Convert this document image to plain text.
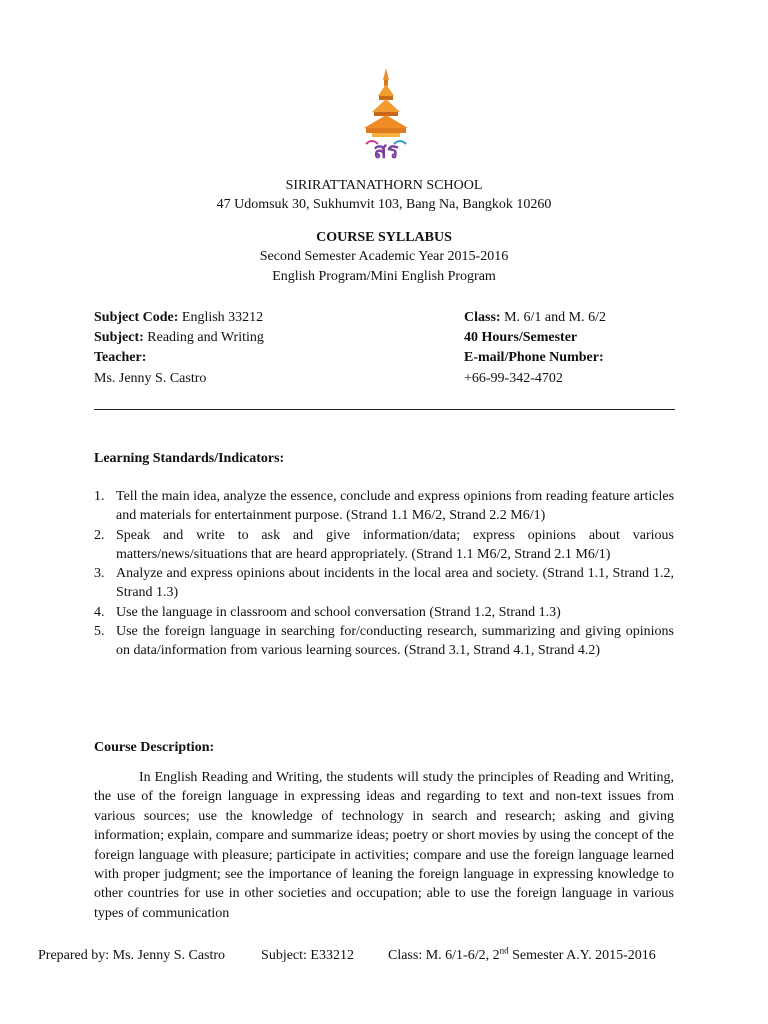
สร
SIRIRATTANATHORN SCHOOL
47 Udomsuk 30, Sukhumvit 103, Bang Na, Bangkok 10260
COURSE SYLLABUS
Second Semester Academic Year 2015-2016
English Program/Mini English Program
Subject Code: English 33212
Subject: Reading and Writing
Teacher:
Ms. Jenny S. Castro
Class: M. 6/1 and M. 6/2
40 Hours/Semester
E-mail/Phone Number:
+66-99-342-4702
Learning Standards/Indicators:
1. Tell the main idea, analyze the essence, conclude and express opinions from reading feature articles and materials for entertainment purpose. (Strand 1.1 M6/2, Strand 2.2 M6/1)
2. Speak and write to ask and give information/data; express opinions about various matters/news/situations that are heard appropriately. (Strand 1.1 M6/2, Strand 2.1 M6/1)
3. Analyze and express opinions about incidents in the local area and society. (Strand 1.1, Strand 1.2, Strand 1.3)
4. Use the language in classroom and school conversation (Strand 1.2, Strand 1.3)
5. Use the foreign language in searching for/conducting research, summarizing and giving opinions on data/information from various learning sources. (Strand 3.1, Strand 4.1, Strand 4.2)
Course Description:

In English Reading and Writing, the students will study the principles of Reading and Writing, the use of the foreign language in expressing ideas and regarding to text and non-text issues from various sources; use the knowledge of technology in search and research; asking and giving information; explain, compare and summarize ideas; poetry or short movies by using the concept of the foreign language with pleasure; participate in activities; compare and use the foreign language learned with proper judgment; see the importance of leaning the foreign language in expressing knowledge to other countries for use in other societies and occupation; able to use the foreign language in various types of communication

Prepared by: Ms. Jenny S. Castro	Subject: E33212 Class: M. 6/1-6/2, 2nd Semester A.Y. 2015-2016
